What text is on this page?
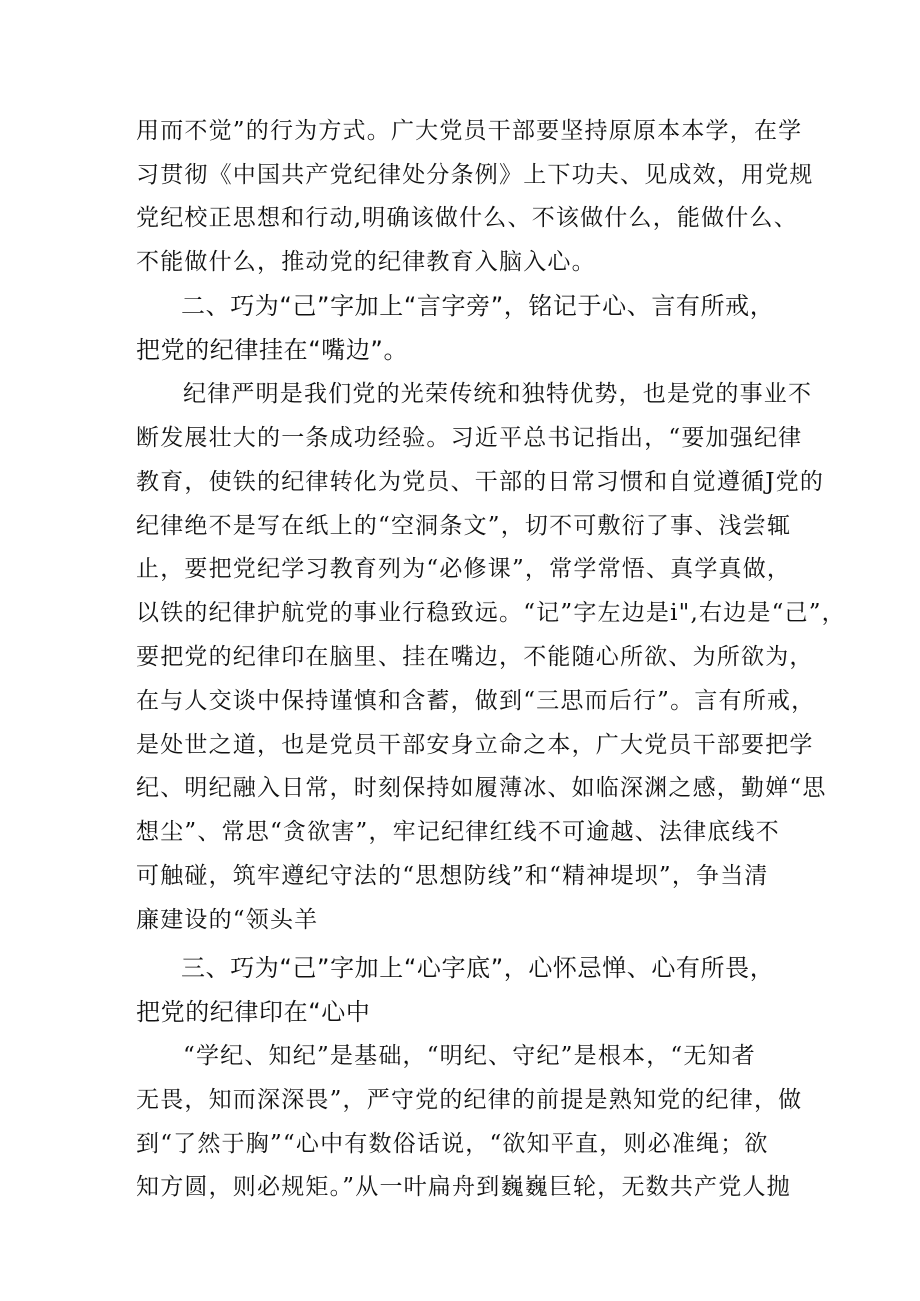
用而不觉”的行为方式。广大党员干部要坚持原原本本学，在学
习贯彻《中国共产党纪律处分条例》上下功夫、见成效，用党规
党纪校正思想和行动,明确该做什么、不该做什么，能做什么、
不能做什么，推动党的纪律教育入脑入心。
二、巧为“己”字加上“言字旁”，铭记于心、言有所戒，
把党的纪律挂在“嘴边”。
纪律严明是我们党的光荣传统和独特优势，也是党的事业不
断发展壮大的一条成功经验。习近平总书记指出，“要加强纪律
教育，使铁的纪律转化为党员、干部的日常习惯和自觉遵循J党的
纪律绝不是写在纸上的“空洞条文”，切不可敷衍了事、浅尝辄
止，要把党纪学习教育列为“必修课”，常学常悟、真学真做，
以铁的纪律护航党的事业行稳致远。“记”字左边是i",右边是“己”，
要把党的纪律印在脑里、挂在嘴边，不能随心所欲、为所欲为，
在与人交谈中保持谨慎和含蓄，做到“三思而后行”。言有所戒，
是处世之道，也是党员干部安身立命之本，广大党员干部要把学
纪、明纪融入日常，时刻保持如履薄冰、如临深渊之感，勤婵“思
想尘”、常思“贪欲害”，牢记纪律红线不可逾越、法律底线不
可触碰，筑牢遵纪守法的“思想防线”和“精神堤坝”，争当清
廉建设的“领头羊
三、巧为“己”字加上“心字底”，心怀忌惮、心有所畏，
把党的纪律印在“心中
“学纪、知纪”是基础，“明纪、守纪”是根本，“无知者
无畏，知而深深畏”，严守党的纪律的前提是熟知党的纪律，做
到“了然于胸”“心中有数俗话说，“欲知平直，则必准绳；欲
知方圆，则必规矩。”从一叶扁舟到巍巍巨轮，无数共产党人抛
